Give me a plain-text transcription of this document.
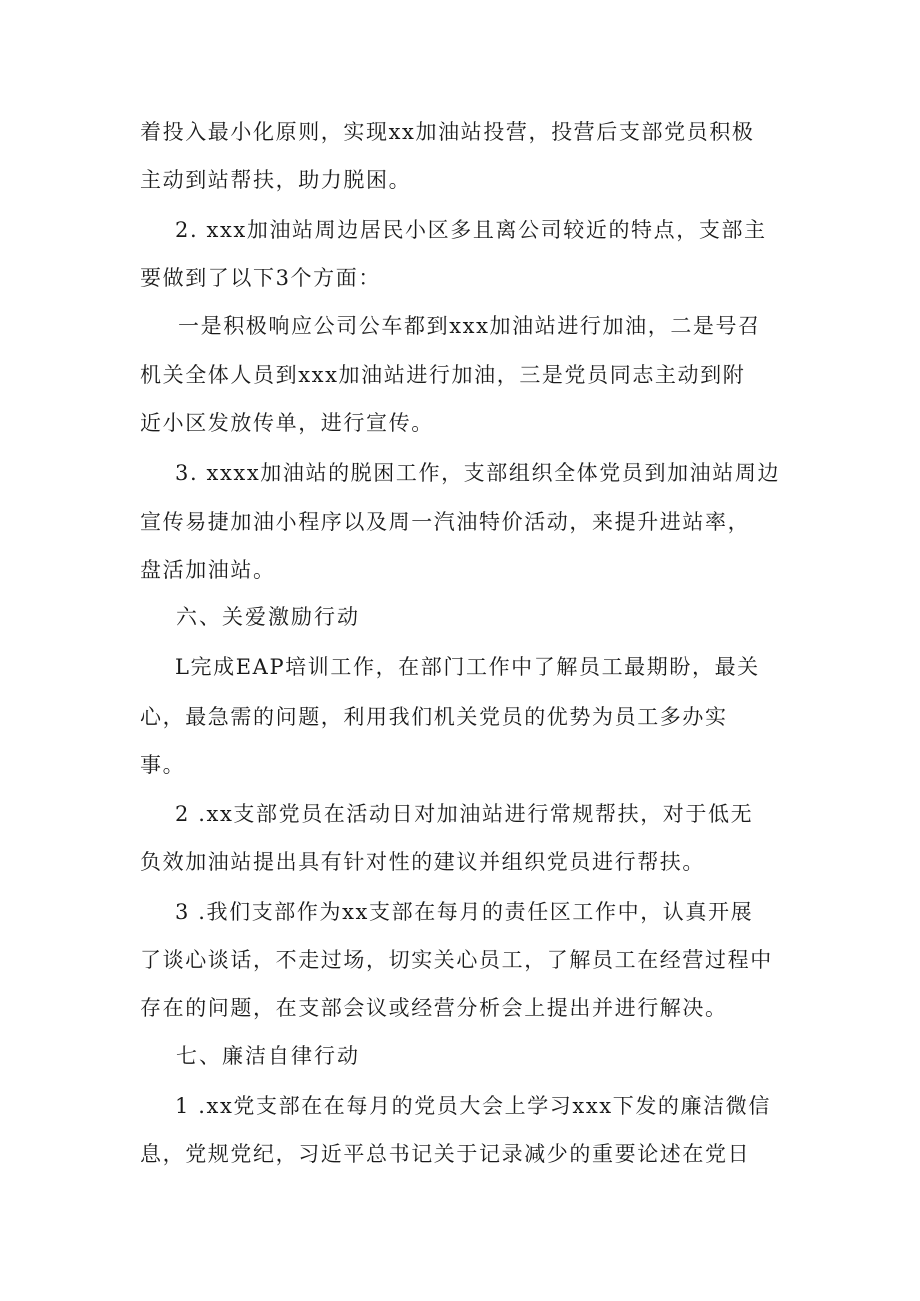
着投入最小化原则，实现xx加油站投营，投营后支部党员积极
主动到站帮扶，助力脱困。
2. xxx加油站周边居民小区多且离公司较近的特点，支部主
要做到了以下3个方面：
一是积极响应公司公车都到xxx加油站进行加油，二是号召
机关全体人员到xxx加油站进行加油，三是党员同志主动到附
近小区发放传单，进行宣传。
3. xxxx加油站的脱困工作，支部组织全体党员到加油站周边
宣传易捷加油小程序以及周一汽油特价活动，来提升进站率，
盘活加油站。
六、关爱激励行动
L完成EAP培训工作，在部门工作中了解员工最期盼，最关
心，最急需的问题，利用我们机关党员的优势为员工多办实
事。
2 .xx支部党员在活动日对加油站进行常规帮扶，对于低无
负效加油站提出具有针对性的建议并组织党员进行帮扶。
3 .我们支部作为xx支部在每月的责任区工作中，认真开展
了谈心谈话，不走过场，切实关心员工，了解员工在经营过程中
存在的问题，在支部会议或经营分析会上提出并进行解决。
七、廉洁自律行动
1 .xx党支部在在每月的党员大会上学习xxx下发的廉洁微信
息，党规党纪，习近平总书记关于记录减少的重要论述在党日
